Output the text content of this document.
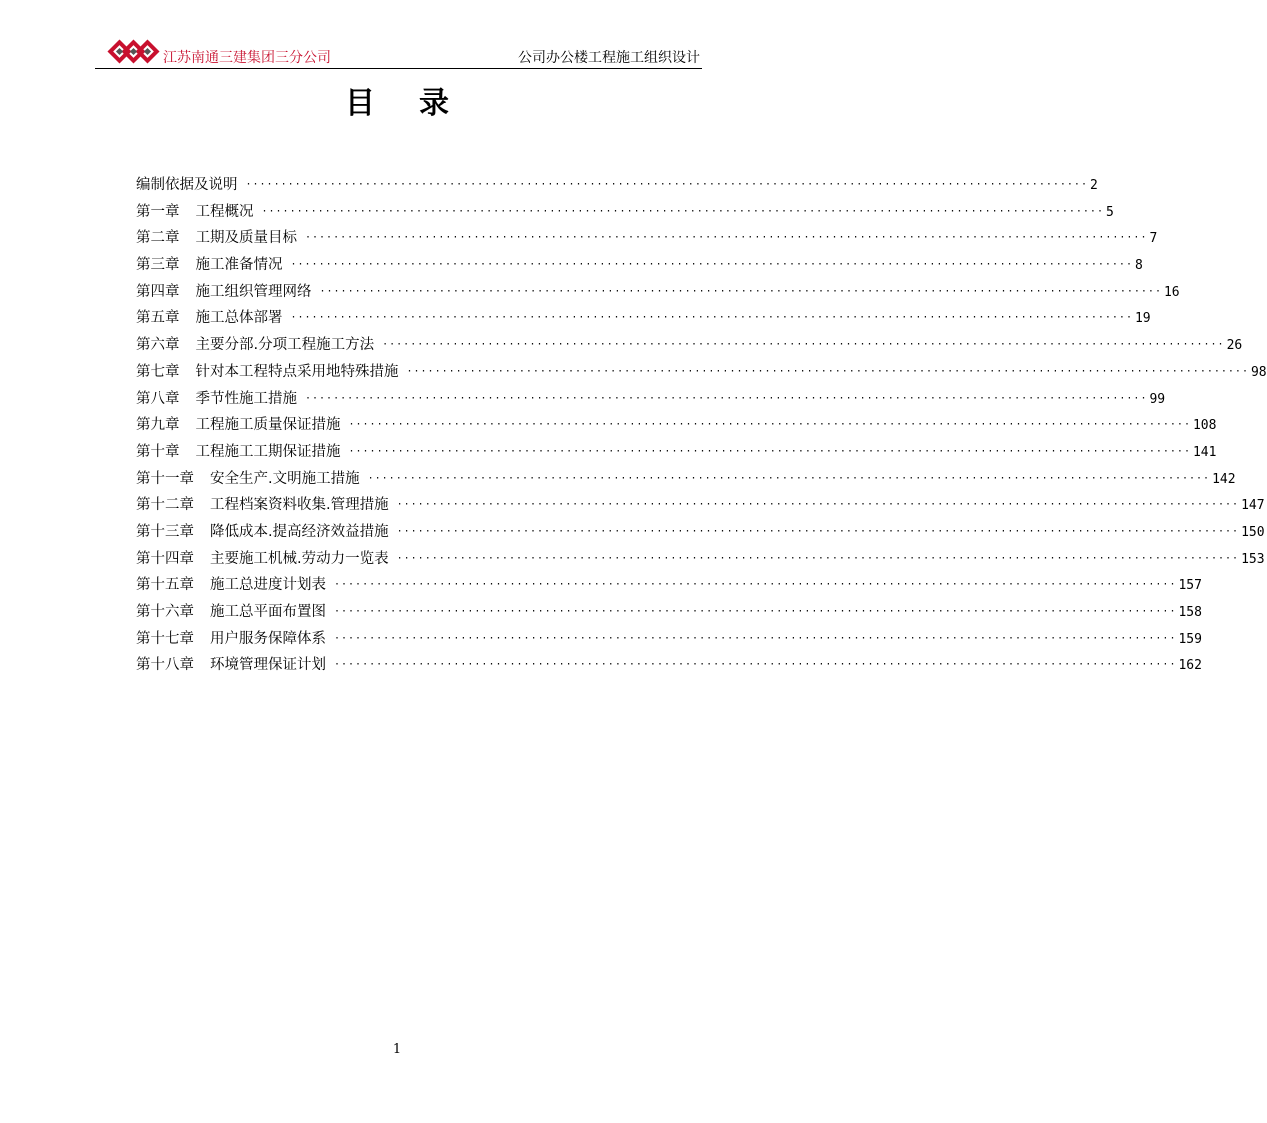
江苏南通三建集团三分公司	公司办公楼工程施工组织设计
目录
编制依据及说明 ························································································································ 2
第一章 工程概况 ························································································································ 5
第二章 工期及质量目标 ························································································································ 7
第三章 施工准备情况 ························································································································ 8
第四章 施工组织管理网络 ························································································································ 16
第五章 施工总体部署 ························································································································ 19
第六章 主要分部.分项工程施工方法 ························································································································ 26
第七章 针对本工程特点采用地特殊措施 ························································································································ 98
第八章 季节性施工措施 ························································································································ 99
第九章 工程施工质量保证措施 ························································································································ 108
第十章 工程施工工期保证措施 ························································································································ 141
第十一章 安全生产.文明施工措施 ························································································································ 142
第十二章 工程档案资料收集.管理措施 ························································································································ 147
第十三章 降低成本.提高经济效益措施 ························································································································ 150
第十四章 主要施工机械.劳动力一览表 ························································································································ 153
第十五章 施工总进度计划表 ························································································································ 157
第十六章 施工总平面布置图 ························································································································ 158
第十七章 用户服务保障体系 ························································································································ 159
第十八章 环境管理保证计划 ························································································································ 162
1
